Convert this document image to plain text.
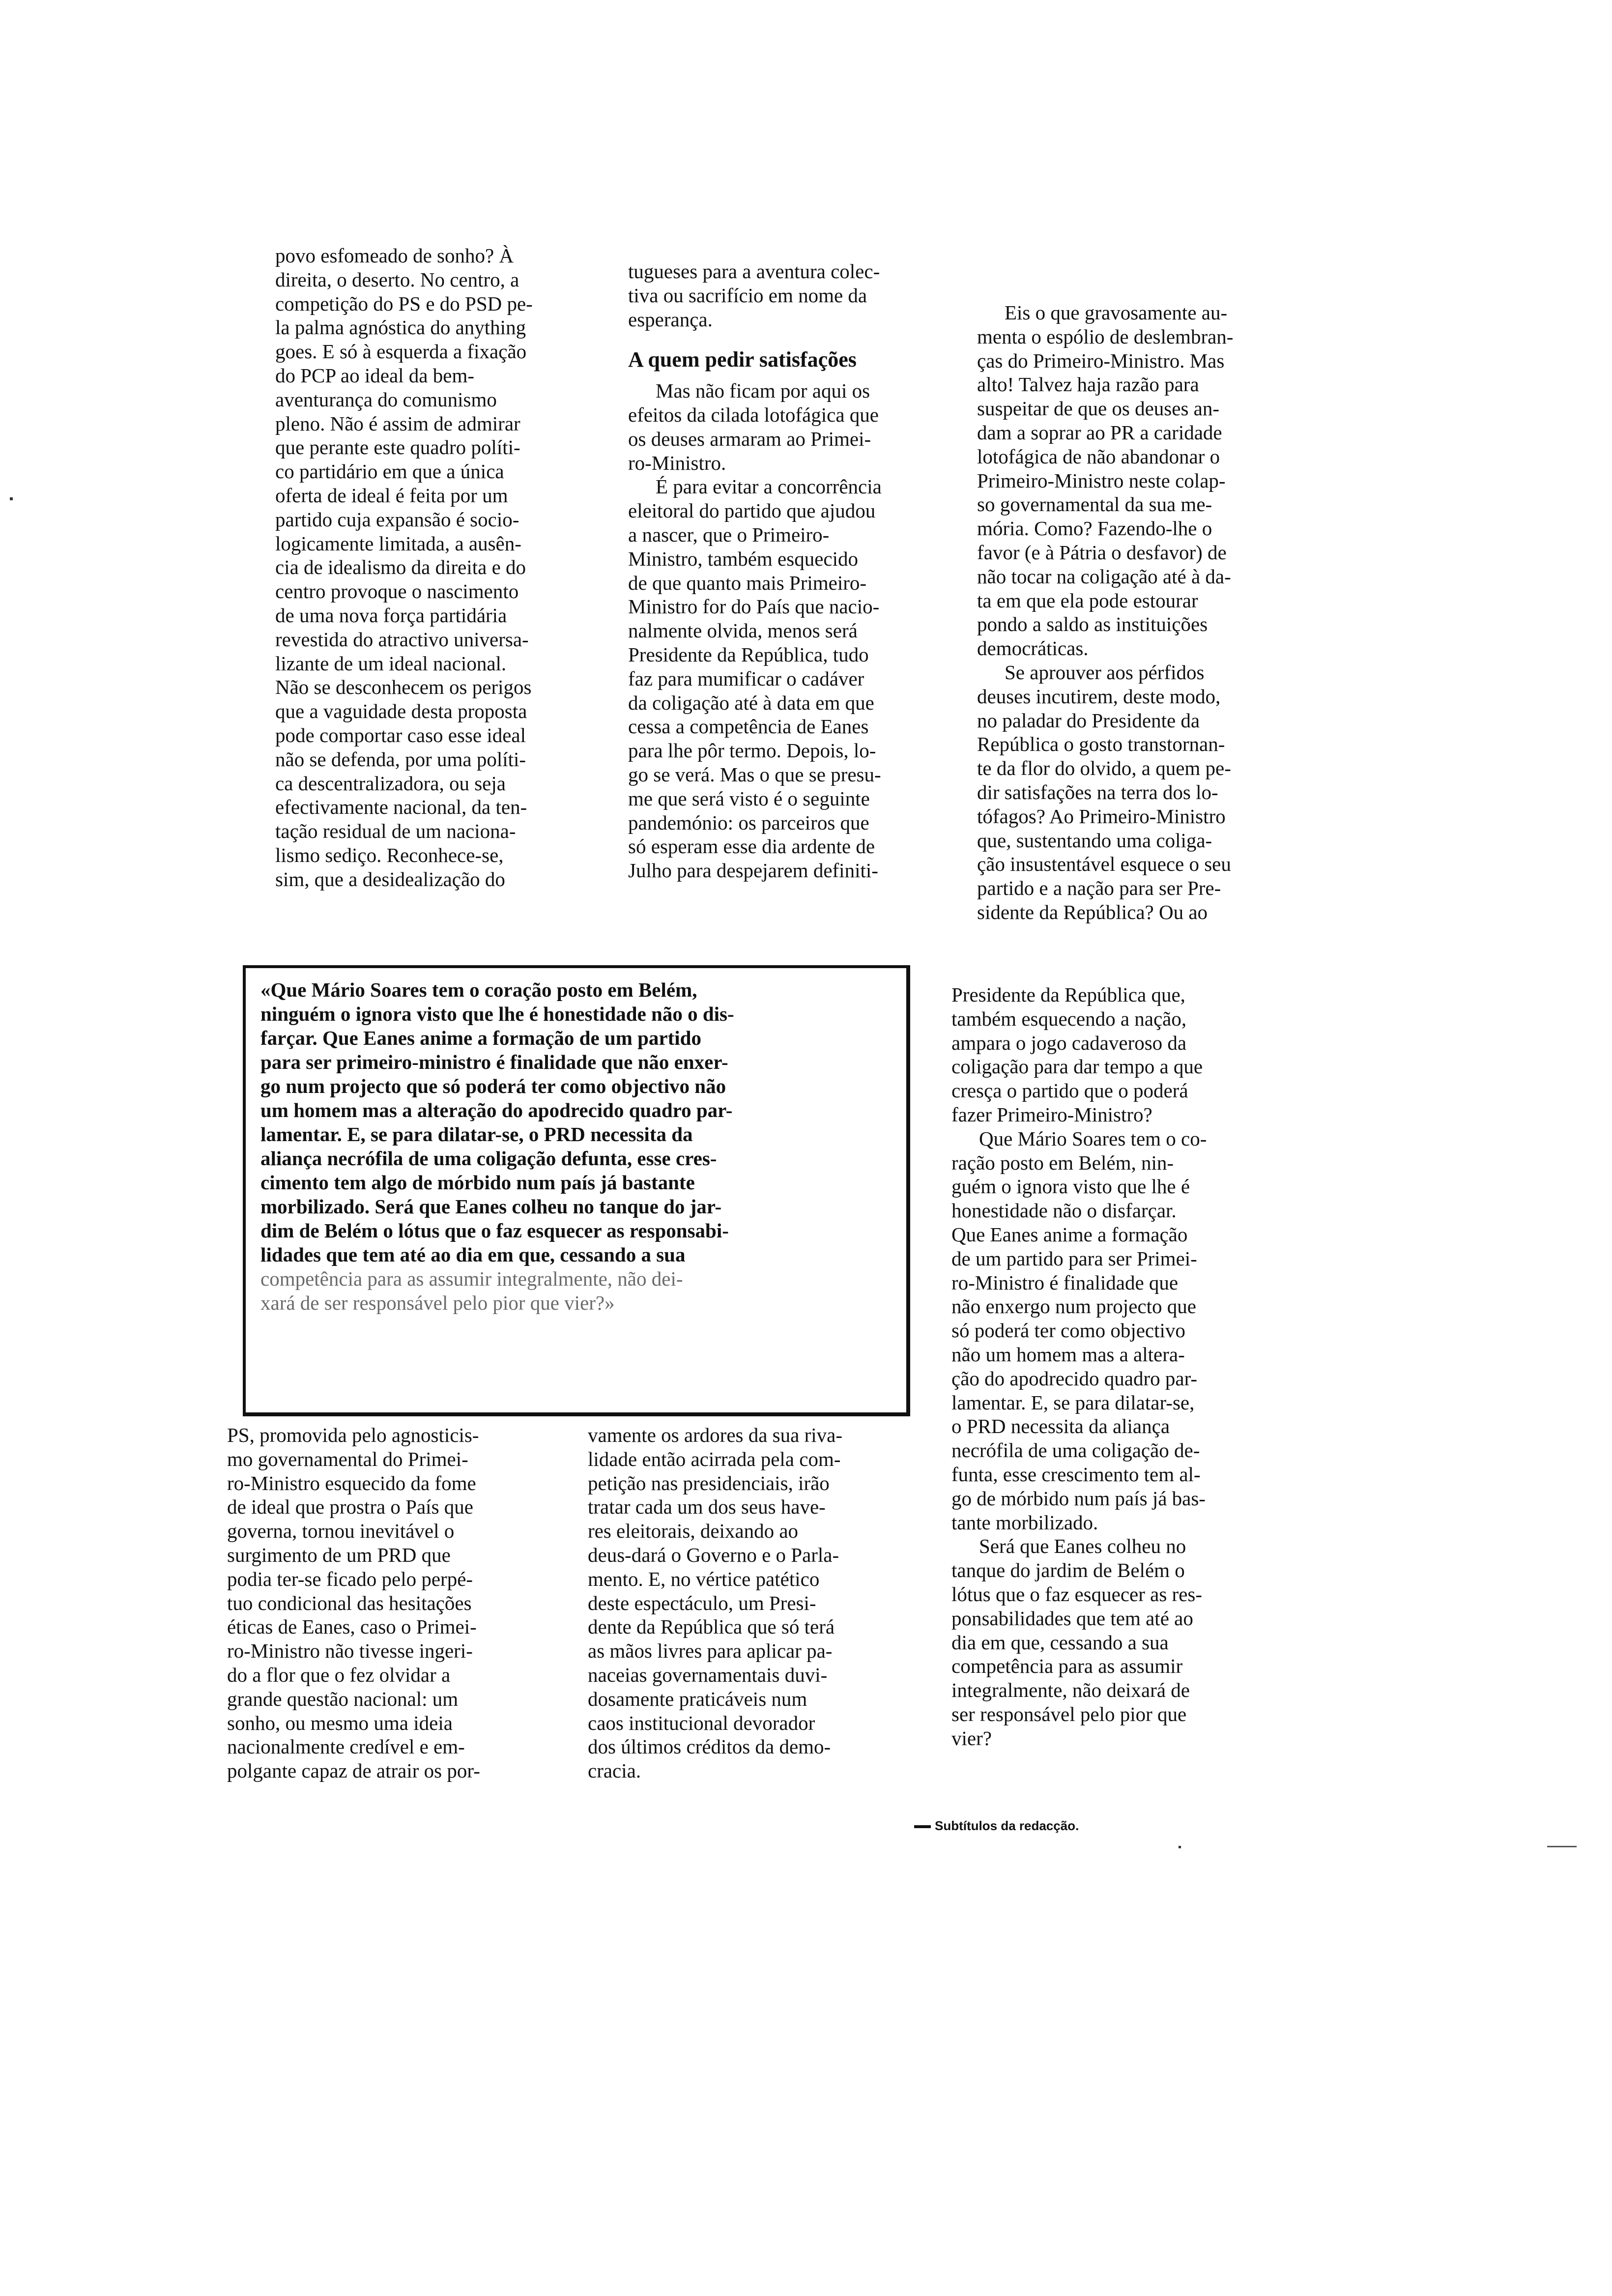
povo esfomeado de sonho? À
direita, o deserto. No centro, a
competição do PS e do PSD pe-
la palma agnóstica do anything
goes. E só à esquerda a fixação
do PCP ao ideal da bem-
aventurança do comunismo
pleno. Não é assim de admirar
que perante este quadro políti-
co partidário em que a única
oferta de ideal é feita por um
partido cuja expansão é socio-
logicamente limitada, a ausên-
cia de idealismo da direita e do
centro provoque o nascimento
de uma nova força partidária
revestida do atractivo universa-
lizante de um ideal nacional.
Não se desconhecem os perigos
que a vaguidade desta proposta
pode comportar caso esse ideal
não se defenda, por uma políti-
ca descentralizadora, ou seja
efectivamente nacional, da ten-
tação residual de um naciona-
lismo sediço. Reconhece-se,
sim, que a desidealização do
tugueses para a aventura colec-
tiva ou sacrifício em nome da
esperança.
A quem pedir satisfações
Mas não ficam por aqui os
efeitos da cilada lotofágica que
os deuses armaram ao Primei-
ro-Ministro.
É para evitar a concorrência
eleitoral do partido que ajudou
a nascer, que o Primeiro-
Ministro, também esquecido
de que quanto mais Primeiro-
Ministro for do País que nacio-
nalmente olvida, menos será
Presidente da República, tudo
faz para mumificar o cadáver
da coligação até à data em que
cessa a competência de Eanes
para lhe pôr termo. Depois, lo-
go se verá. Mas o que se presu-
me que será visto é o seguinte
pandemónio: os parceiros que
só esperam esse dia ardente de
Julho para despejarem definiti-
Eis o que gravosamente au-
menta o espólio de deslembran-
ças do Primeiro-Ministro. Mas
alto! Talvez haja razão para
suspeitar de que os deuses an-
dam a soprar ao PR a caridade
lotofágica de não abandonar o
Primeiro-Ministro neste colap-
so governamental da sua me-
mória. Como? Fazendo-lhe o
favor (e à Pátria o desfavor) de
não tocar na coligação até à da-
ta em que ela pode estourar
pondo a saldo as instituições
democráticas.
Se aprouver aos pérfidos
deuses incutirem, deste modo,
no paladar do Presidente da
República o gosto transtornan-
te da flor do olvido, a quem pe-
dir satisfações na terra dos lo-
tófagos? Ao Primeiro-Ministro
que, sustentando uma coliga-
ção insustentável esquece o seu
partido e a nação para ser Pre-
sidente da República? Ou ao
«Que Mário Soares tem o coração posto em Belém,
ninguém o ignora visto que lhe é honestidade não o dis-
farçar. Que Eanes anime a formação de um partido
para ser primeiro-ministro é finalidade que não enxer-
go num projecto que só poderá ter como objectivo não
um homem mas a alteração do apodrecido quadro par-
lamentar. E, se para dilatar-se, o PRD necessita da
aliança necrófila de uma coligação defunta, esse cres-
cimento tem algo de mórbido num país já bastante
morbilizado. Será que Eanes colheu no tanque do jar-
dim de Belém o lótus que o faz esquecer as responsabi-
lidades que tem até ao dia em que, cessando a sua
competência para as assumir integralmente, não dei-
xará de ser responsável pelo pior que vier?»
Presidente da República que,
também esquecendo a nação,
ampara o jogo cadaveroso da
coligação para dar tempo a que
cresça o partido que o poderá
fazer Primeiro-Ministro?
Que Mário Soares tem o co-
ração posto em Belém, nin-
guém o ignora visto que lhe é
honestidade não o disfarçar.
Que Eanes anime a formação
de um partido para ser Primei-
ro-Ministro é finalidade que
não enxergo num projecto que
só poderá ter como objectivo
não um homem mas a altera-
ção do apodrecido quadro par-
lamentar. E, se para dilatar-se,
o PRD necessita da aliança
necrófila de uma coligação de-
funta, esse crescimento tem al-
go de mórbido num país já bas-
tante morbilizado.
Será que Eanes colheu no
tanque do jardim de Belém o
lótus que o faz esquecer as res-
ponsabilidades que tem até ao
dia em que, cessando a sua
competência para as assumir
integralmente, não deixará de
ser responsável pelo pior que
vier?
PS, promovida pelo agnosticis-
mo governamental do Primei-
ro-Ministro esquecido da fome
de ideal que prostra o País que
governa, tornou inevitável o
surgimento de um PRD que
podia ter-se ficado pelo perpé-
tuo condicional das hesitações
éticas de Eanes, caso o Primei-
ro-Ministro não tivesse ingeri-
do a flor que o fez olvidar a
grande questão nacional: um
sonho, ou mesmo uma ideia
nacionalmente credível e em-
polgante capaz de atrair os por-
vamente os ardores da sua riva-
lidade então acirrada pela com-
petição nas presidenciais, irão
tratar cada um dos seus have-
res eleitorais, deixando ao
deus-dará o Governo e o Parla-
mento. E, no vértice patético
deste espectáculo, um Presi-
dente da República que só terá
as mãos livres para aplicar pa-
naceias governamentais duvi-
dosamente praticáveis num
caos institucional devorador
dos últimos créditos da demo-
cracia.
Subtítulos da redacção.
